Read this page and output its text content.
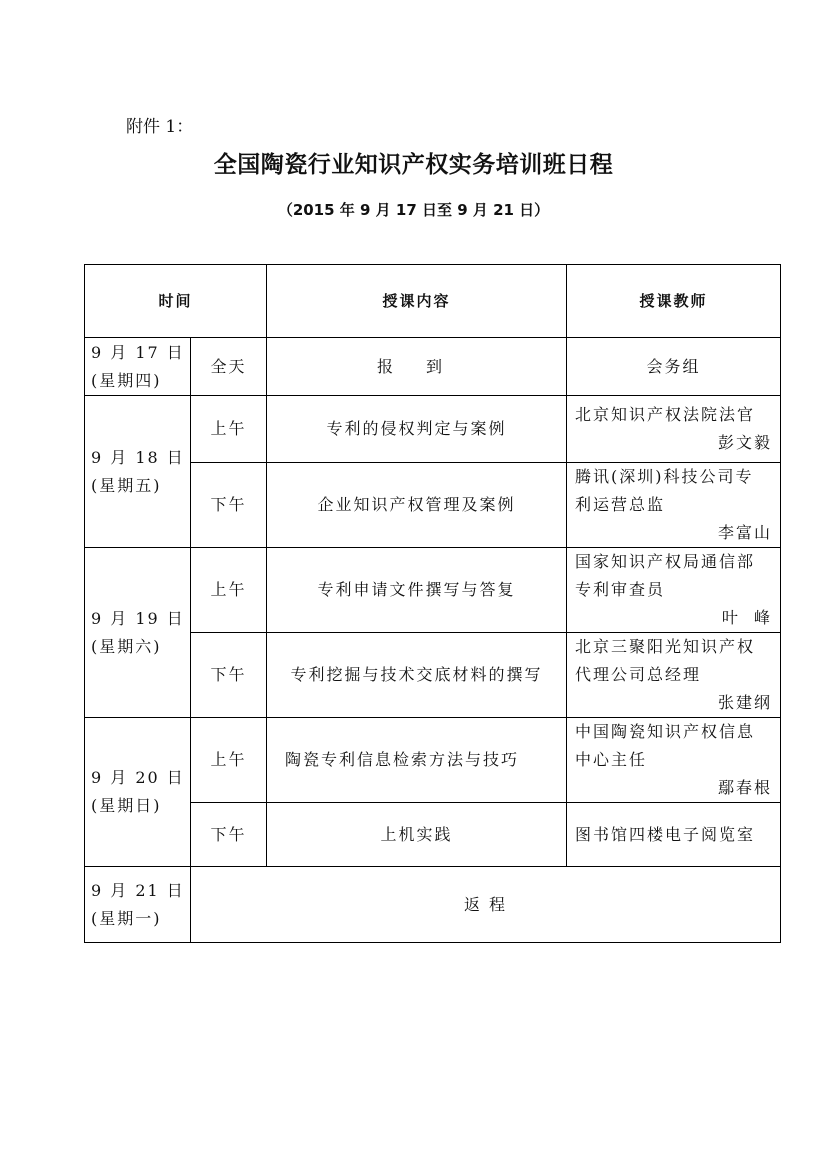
附件 1：
全国陶瓷行业知识产权实务培训班日程
（2015 年 9 月 17 日至 9 月 21 日）
时间		授课内容	授课教师

9 月 17 日
(星期四)	全天	报 到	会务组

9 月 18 日
(星期五)	上午	专利的侵权判定与案例	北京知识产权法院法官
彭文毅

	下午	企业知识产权管理及案例	腾讯(深圳)科技公司专
利运营总监
李富山

9 月 19 日
(星期六)	上午	专利申请文件撰写与答复	国家知识产权局通信部
专利审查员
叶  峰

	下午	专利挖掘与技术交底材料的撰写	北京三聚阳光知识产权
代理公司总经理
张建纲

9 月 20 日
(星期日)	上午	陶瓷专利信息检索方法与技巧	中国陶瓷知识产权信息
中心主任
鄢春根

	下午	上机实践	图书馆四楼电子阅览室

9 月 21 日
(星期一)	返 程		
